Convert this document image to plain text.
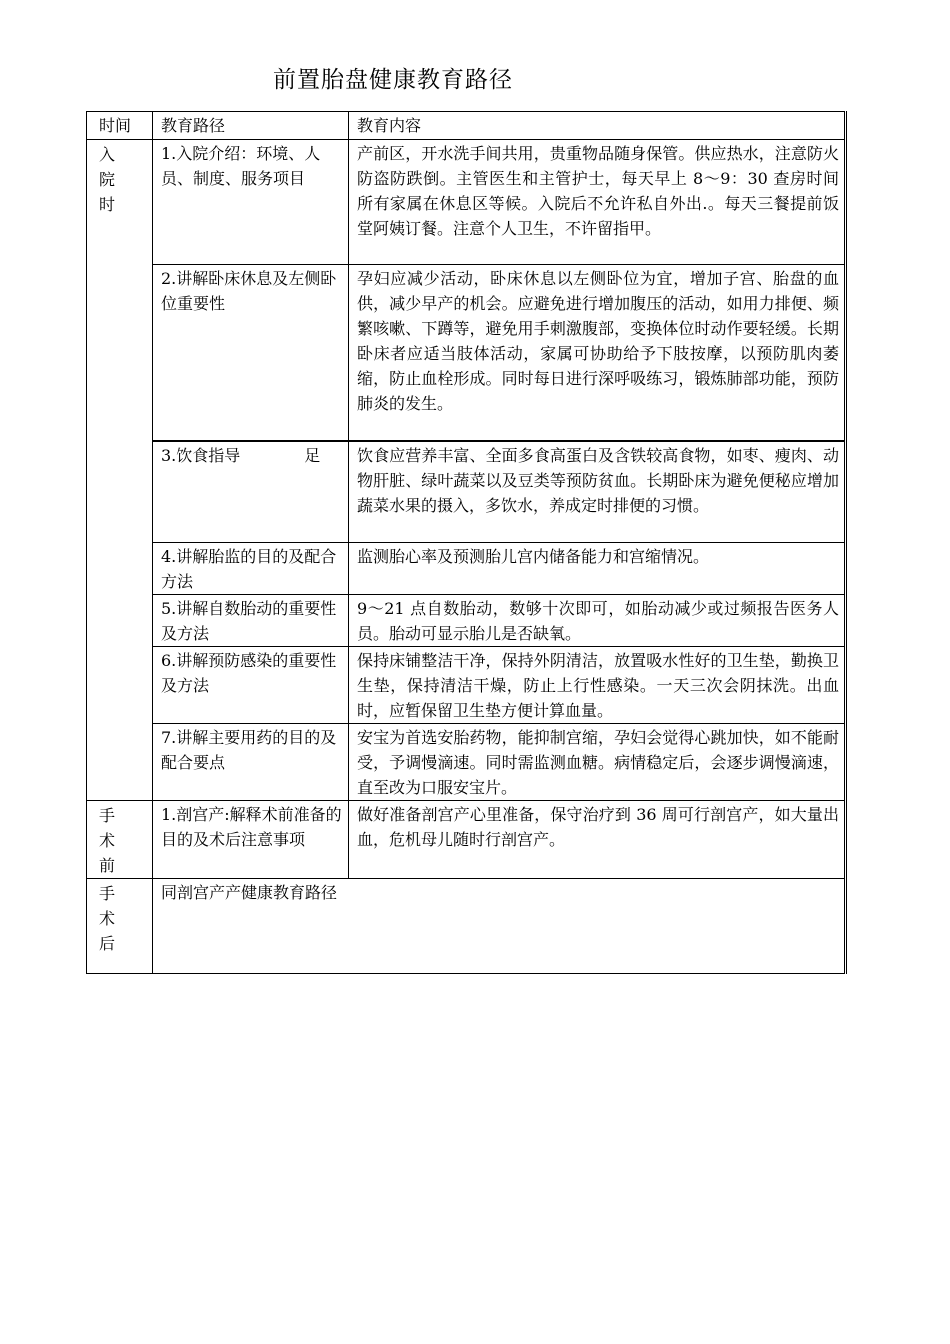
前置胎盘健康教育路径
时间	教育路径	教育内容

入院时	1.入院介绍：环境、人员、制度、服务项目	产前区，开水洗手间共用，贵重物品随身保管。供应热水，注意防火防盗防跌倒。主管医生和主管护士，每天早上 8～9：30 查房时间所有家属在休息区等候。入院后不允许私自外出.。每天三餐提前饭堂阿姨订餐。注意个人卫生，不许留指甲。
	2.讲解卧床休息及左侧卧位重要性	孕妇应减少活动，卧床休息以左侧卧位为宜，增加子宫、胎盘的血供，减少早产的机会。应避免进行增加腹压的活动，如用力排便、频繁咳嗽、下蹲等，避免用手刺激腹部，变换体位时动作要轻缓。长期卧床者应适当肢体活动，家属可协助给予下肢按摩，以预防肌肉萎缩，防止血栓形成。同时每日进行深呼吸练习，锻炼肺部功能，预防肺炎的发生。
	3.饮食指导　　　　足	饮食应营养丰富、全面多食高蛋白及含铁较高食物，如枣、瘦肉、动物肝脏、绿叶蔬菜以及豆类等预防贫血。长期卧床为避免便秘应增加蔬菜水果的摄入，多饮水，养成定时排便的习惯。
	4.讲解胎监的目的及配合方法	监测胎心率及预测胎儿宫内储备能力和宫缩情况。
	5.讲解自数胎动的重要性及方法	9～21 点自数胎动，数够十次即可，如胎动减少或过频报告医务人员。胎动可显示胎儿是否缺氧。
	6.讲解预防感染的重要性及方法	保持床铺整洁干净，保持外阴清洁，放置吸水性好的卫生垫，勤换卫生垫，保持清洁干燥，防止上行性感染。一天三次会阴抹洗。出血时，应暂保留卫生垫方便计算血量。
	7.讲解主要用药的目的及配合要点	安宝为首选安胎药物，能抑制宫缩，孕妇会觉得心跳加快，如不能耐受，予调慢滴速。同时需监测血糖。病情稳定后，会逐步调慢滴速，直至改为口服安宝片。

手术前	1.剖宫产:解释术前准备的目的及术后注意事项	做好准备剖宫产心里准备，保守治疗到 36 周可行剖宫产，如大量出血，危机母儿随时行剖宫产。

手术后	同剖宫产产健康教育路径	
